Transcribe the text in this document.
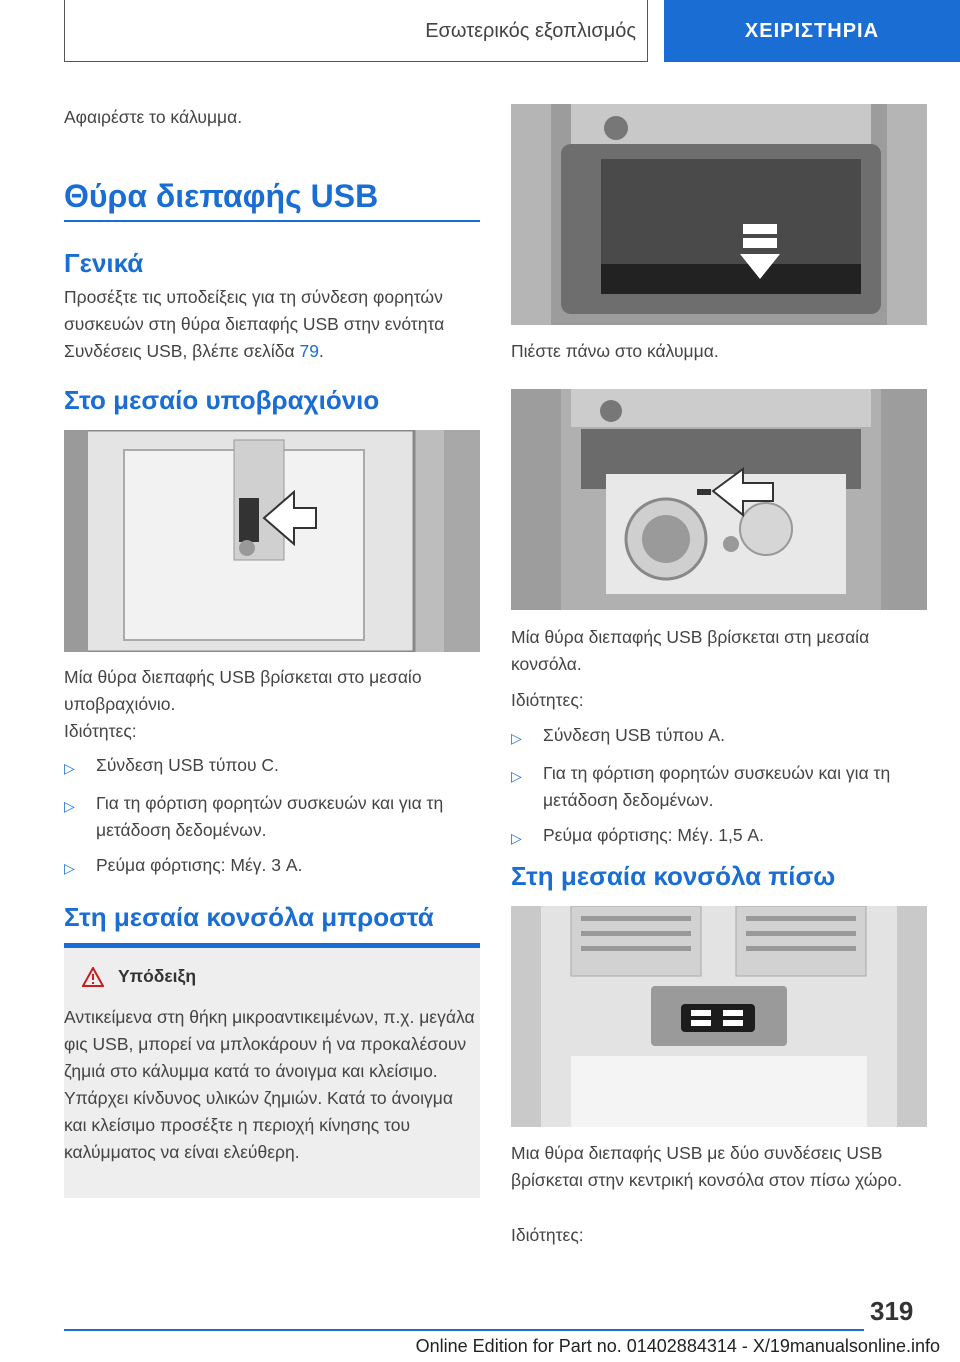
Εσωτερικός εξοπλισμός	ΧΕΙΡΙΣΤΗΡΙΑ
Αφαιρέστε το κάλυμμα.
Θύρα διεπαφής USB
Γενικά
Προσέξτε τις υποδείξεις για τη σύνδεση φορητών συσκευών στη θύρα διεπαφής USB στην ενότητα Συνδέσεις USB, βλέπε σελίδα 79.
Στο μεσαίο υποβραχιόνιο
Μία θύρα διεπαφής USB βρίσκεται στο μεσαίο υποβραχιόνιο.
Ιδιότητες:
▷	Σύνδεση USB τύπου C.
▷	Για τη φόρτιση φορητών συσκευών και για τη μετάδοση δεδομένων.
▷	Ρεύμα φόρτισης: Μέγ. 3 A.
Στη μεσαία κονσόλα μπροστά
Υπόδειξη
Αντικείμενα στη θήκη μικροαντικειμένων, π.χ. μεγάλα φις USB, μπορεί να μπλοκάρουν ή να προκαλέσουν ζημιά στο κάλυμμα κατά το άνοιγμα και κλείσιμο. Υπάρχει κίνδυνος υλικών ζημιών. Κατά το άνοιγμα και κλείσιμο προσέξτε η περιοχή κίνησης του καλύμματος να είναι ελεύθερη.
Πιέστε πάνω στο κάλυμμα.
Μία θύρα διεπαφής USB βρίσκεται στη μεσαία κονσόλα.
Ιδιότητες:
▷	Σύνδεση USB τύπου A.
▷	Για τη φόρτιση φορητών συσκευών και για τη μετάδοση δεδομένων.
▷	Ρεύμα φόρτισης: Μέγ. 1,5 A.
Στη μεσαία κονσόλα πίσω
Μια θύρα διεπαφής USB με δύο συνδέσεις USB βρίσκεται στην κεντρική κονσόλα στον πίσω χώρο.
Ιδιότητες:
319
Online Edition for Part no. 01402884314 - X/19manualsonline.info
